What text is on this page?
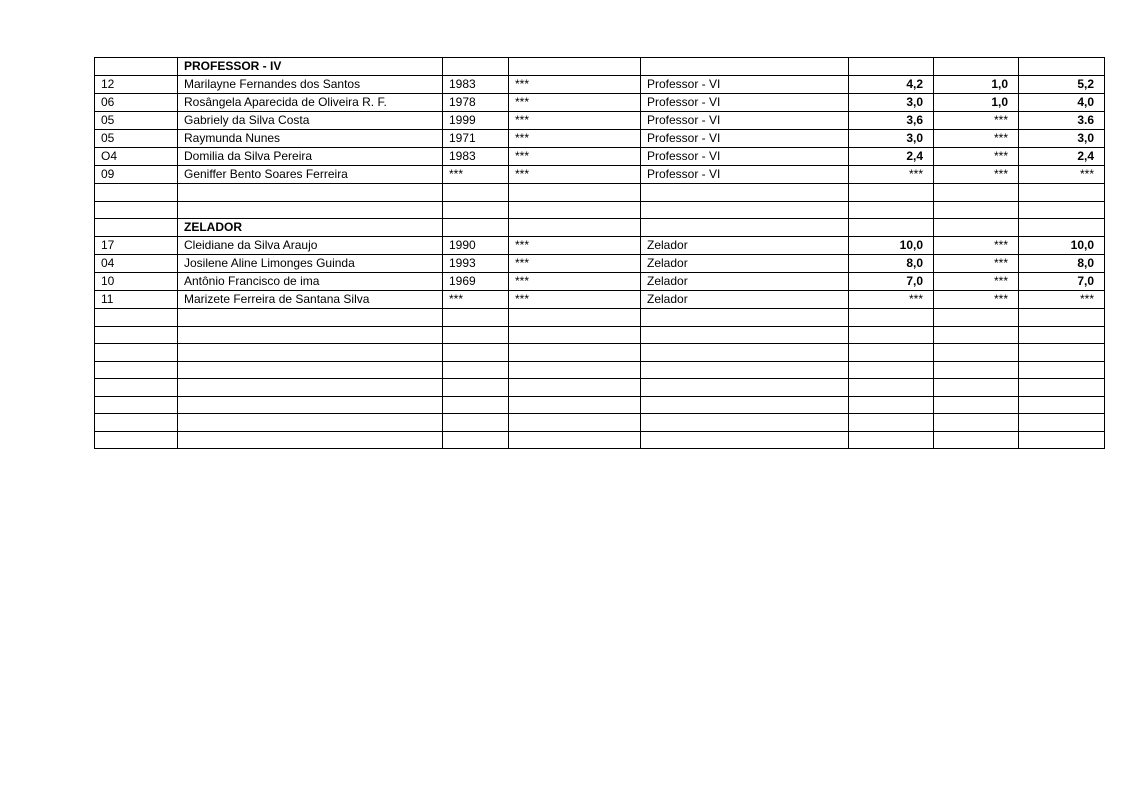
	PROFESSOR - IV						
12	Marilayne Fernandes dos Santos	1983	***	Professor - VI	4,2	1,0	5,2
06	Rosângela Aparecida de Oliveira R. F.	1978	***	Professor - VI	3,0	1,0	4,0
05	Gabriely da Silva Costa	1999	***	Professor - VI	3,6	***	3.6
05	Raymunda Nunes	1971	***	Professor - VI	3,0	***	3,0
O4	Domilia da Silva Pereira	1983	***	Professor - VI	2,4	***	2,4
09	Geniffer Bento Soares Ferreira	***	***	Professor - VI	***	***	***

	ZELADOR						
17	Cleidiane da Silva Araujo	1990	***	Zelador	10,0	***	10,0
04	Josilene Aline Limonges Guinda	1993	***	Zelador	8,0	***	8,0
10	Antônio Francisco de ima	1969	***	Zelador	7,0	***	7,0
11	Marizete Ferreira de Santana Silva	***	***	Zelador	***	***	***
